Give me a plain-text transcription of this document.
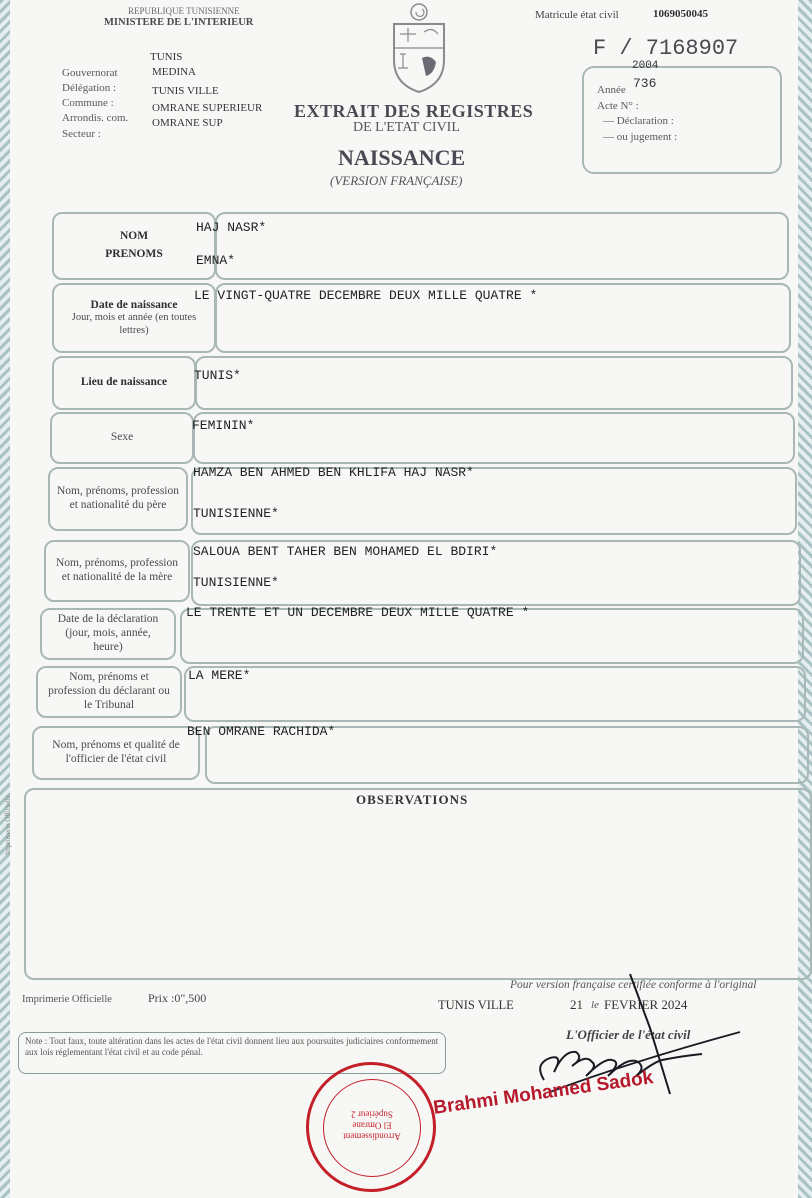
REPUBLIQUE TUNISIENNE
MINISTERE DE L'INTERIEUR
TUNIS
Gouvernorat	MEDINA
Délégation :	TUNIS VILLE
Commune :	OMRANE SUPERIEUR
Arrondis. com. OMRANE SUP
Secteur :
EXTRAIT DES REGISTRES
DE L'ETAT CIVIL
NAISSANCE
(VERSION FRANÇAISE)
Matricule état civil	1069050045
F / 7168907
Année
2004
736
Acte N° :
— Déclaration :
— ou jugement :
NOM
PRENOMS
HAJ NASR*
EMNA*
Date de naissance
Jour, mois et année (en toutes lettres)
LE VINGT-QUATRE DECEMBRE DEUX MILLE QUATRE *
Lieu de naissance TUNIS*
Sexe
FEMININ*
Nom, prénoms, profession et nationalité du père
HAMZA BEN AHMED BEN KHLIFA HAJ NASR*
TUNISIENNE*
Nom, prénoms, profession et nationalité de la mère
SALOUA BENT TAHER BEN MOHAMED EL BDIRI*
TUNISIENNE*
Date de la déclaration (jour, mois, année, heure)
LE TRENTE ET UN DECEMBRE DEUX MILLE QUATRE *
Nom, prénoms et profession du déclarant ou le Tribunal
LA MERE*
Nom, prénoms et qualité de l'officier de l'état civil
BEN OMRANE RACHIDA*
OBSERVATIONS
Imprimerie Officielle
Imprimerie Officielle	Prix :0",500
Pour version française certifiée conforme à l'original
TUNIS VILLE	21 le FEVRIER 2024
L'Officier de l'état civil
Note : Tout faux, toute altération dans les actes de l'état civil donnent lieu aux poursuites judiciaires conformement aux lois réglementant l'état civil et au code pénal.
Arrondissement El Omrane Supérieur 2	Brahmi Mohamed Sadok
